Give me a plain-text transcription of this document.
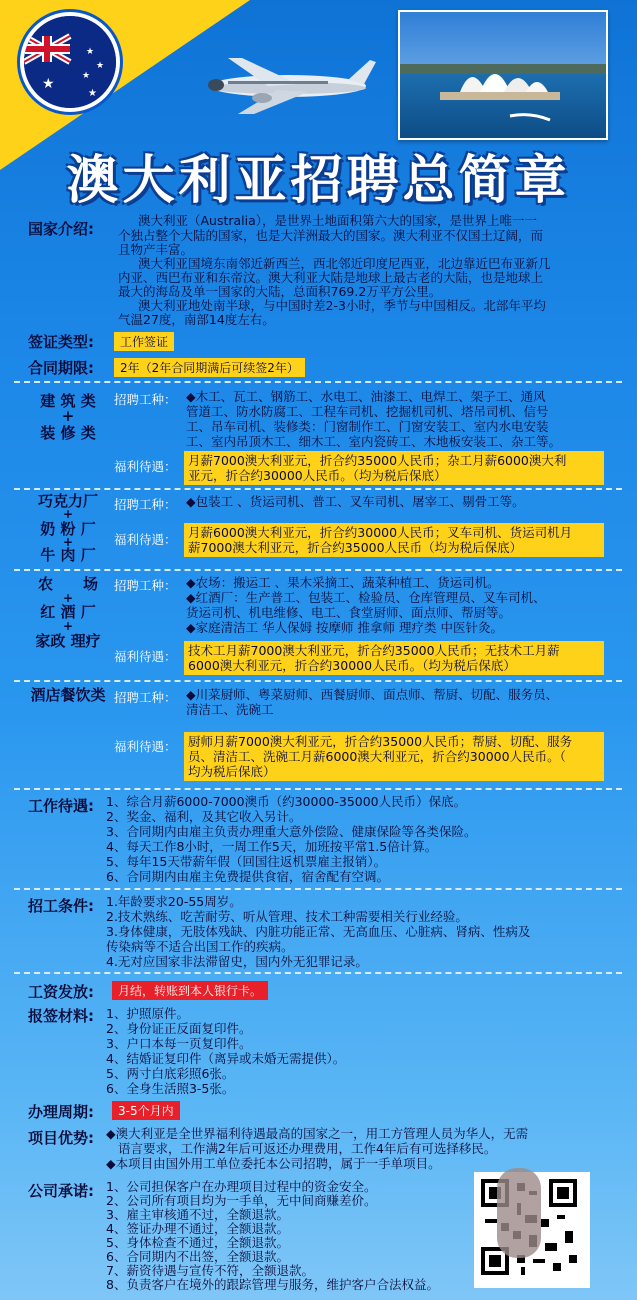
★
★
★
★
★
澳大利亚招聘总简章
国家介绍:	澳大利亚（Australia），是世界土地面积第六大的国家，是世界上唯一一
个独占整个大陆的国家，也是大洋洲最大的国家。澳大利亚不仅国土辽阔，而
且物产丰富。
澳大利亚国境东南邻近新西兰，西北邻近印度尼西亚，北边靠近巴布亚新几
内亚、西巴布亚和东帝汶。澳大利亚大陆是地球上最古老的大陆，也是地球上
最大的海岛及单一国家的大陆，总面积769.2万平方公里。
澳大利亚地处南半球，与中国时差2-3小时，季节与中国相反。北部年平均
气温27度，南部14度左右。
签证类型:	工作签证
合同期限:	2年（2年合同期满后可续签2年）
建 筑 类
+
装 修 类
招聘工种： ◆木工、瓦工、钢筋工、水电工、油漆工、电焊工、架子工、通风
管道工、防水防腐工、工程车司机、挖掘机司机、塔吊司机、信号
工、吊车司机、装修类：门窗制作工、门窗安装工、室内水电安装
工、室内吊顶木工、细木工、室内瓷砖工、木地板安装工、杂工等。
福利待遇： 月薪7000澳大利亚元，折合约35000人民币；杂工月薪6000澳大利
亚元，折合约30000人民币。（均为税后保底）
巧克力厂
+
奶 粉 厂
+
牛 肉 厂
招聘工种： ◆包装工 、货运司机、普工、叉车司机、屠宰工、剔骨工等。
福利待遇： 月薪6000澳大利亚元，折合约30000人民币；叉车司机、货运司机月
薪7000澳大利亚元，折合约35000人民币（均为税后保底）
农　　场
+
红 酒 厂
+
家政 理疗
招聘工种： ◆农场：搬运工 、果木采摘工、蔬菜种植工、货运司机。
◆红酒厂：生产普工、包装工、检验员、仓库管理员、叉车司机、
货运司机、机电维修、电工、食堂厨师、面点师、帮厨等。
◆家庭清洁工 华人保姆 按摩师 推拿师 理疗类 中医针灸。
福利待遇： 技术工月薪7000澳大利亚元，折合约35000人民币；无技术工月薪
6000澳大利亚元，折合约30000人民币。（均为税后保底）
酒店餐饮类 招聘工种： ◆川菜厨师、粤菜厨师、西餐厨师、面点师、帮厨、切配、服务员、
清洁工、洗碗工
福利待遇： 厨师月薪7000澳大利亚元，折合约35000人民币；帮厨、切配、服务
员、清洁工、洗碗工月薪6000澳大利亚元，折合约30000人民币。（
均为税后保底）
工作待遇: 1、综合月薪6000-7000澳币（约30000-35000人民币）保底。
2、奖金、福利，及其它收入另计。
3、合同期内由雇主负责办理重大意外偿险、健康保险等各类保险。
4、每天工作8小时，一周工作5天，加班按平常1.5倍计算。
5、每年15天带薪年假（回国往返机票雇主报销）。
6、合同期内由雇主免费提供食宿，宿舍配有空调。
招工条件: 1.年龄要求20-55周岁。
2.技术熟练、吃苦耐劳、听从管理、技术工种需要相关行业经验。
3.身体健康，无肢体残缺、内脏功能正常、无高血压、心脏病、肾病、性病及
传染病等不适合出国工作的疾病。
4.无对应国家非法滞留史，国内外无犯罪记录。
工资发放:	月结，转账到本人银行卡。
报签材料: 1、护照原件。
2、身份证正反面复印件。
3、户口本每一页复印件。
4、结婚证复印件（离异或未婚无需提供）。
5、两寸白底彩照6张。
6、全身生活照3-5张。
办理周期:	3-5个月内
项目优势: ◆澳大利亚是全世界福利待遇最高的国家之一，用工方管理人员为华人，无需
语言要求，工作满2年后可返还办理费用，工作4年后有可选择移民。
◆本项目由国外用工单位委托本公司招聘，属于一手单项目。
公司承诺: 1、公司担保客户在办理项目过程中的资金安全。
2、公司所有项目均为一手单，无中间商赚差价。
3、雇主审核通不过，全额退款。
4、签证办理不通过，全额退款。
5、身体检查不通过，全额退款。
6、合同期内不出签，全额退款。
7、薪资待遇与宣传不符，全额退款。
8、负责客户在境外的跟踪管理与服务，维护客户合法权益。
